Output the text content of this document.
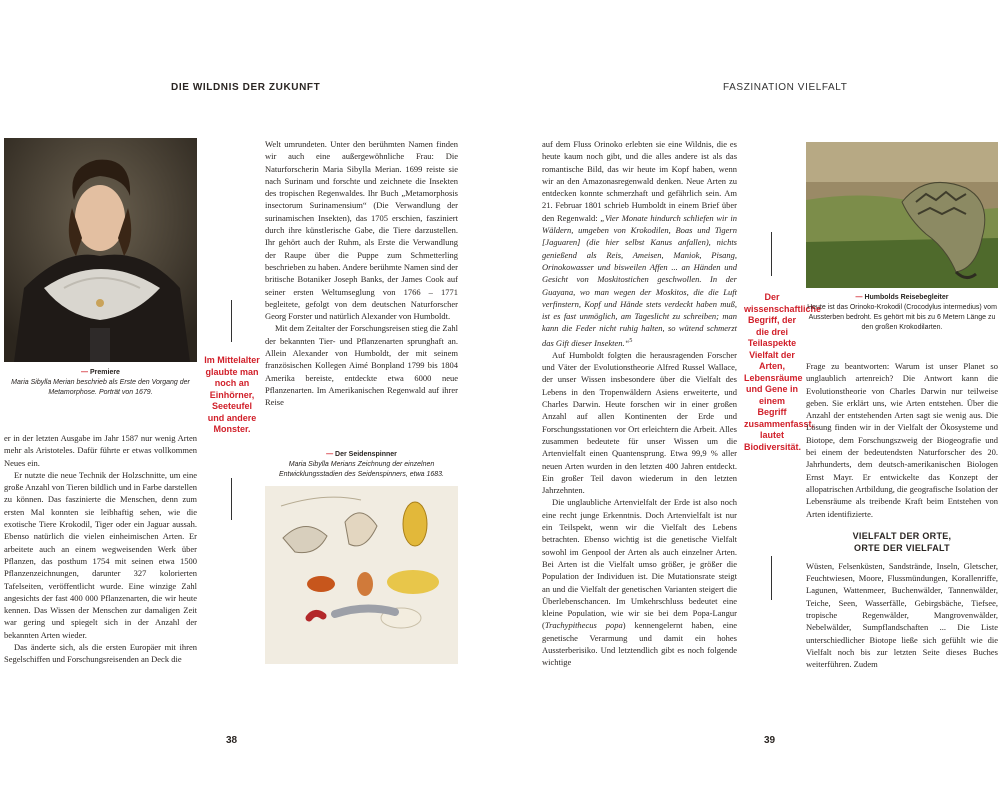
DIE WILDNIS DER ZUKUNFT	FASZINATION VIELFALT
— Premiere
Maria Sibylla Merian beschrieb als Erste den Vorgang der Metamorphose. Porträt von 1679.

er in der letzten Ausgabe im Jahr 1587 nur wenig Arten mehr als Aristoteles. Dafür führte er etwas vollkommen Neues ein.

Er nutzte die neue Technik der Holzschnitte, um eine große Anzahl von Tieren bildlich und in Farbe darstellen zu können. Das faszinierte die Menschen, denn zum ersten Mal konnten sie leibhaftig sehen, wie die exotische Tiere Krokodil, Tiger oder ein Jaguar aussah. Ebenso natürlich die vielen einheimischen Arten. Er arbeitete auch an einem wegweisenden Werk über Pflanzen, das posthum 1754 mit seinen etwa 1500 Pflanzenzeichnungen, darunter 327 kolorierten Tafelseiten, veröffentlicht wurde. Eine winzige Zahl angesichts der fast 400 000 Pflanzenarten, die wir heute kennen. Das Wissen der Menschen zur damaligen Zeit war gering und spiegelt sich in der Anzahl der bekannten Arten wieder.

Das änderte sich, als die ersten Europäer mit ihren Segelschiffen und Forschungsreisenden an Deck die

Im Mittelalter glaubte man noch an Einhörner, Seeteufel und andere Monster.

Welt umrundeten. Unter den berühmten Namen finden wir auch eine außergewöhnliche Frau: Die Naturforscherin Maria Sibylla Merian. 1699 reiste sie nach Surinam und forschte und zeichnete die Insekten des tropischen Regenwaldes. Ihr Buch „Metamorphosis insectorum Surinamensium“ (Die Verwandlung der surinamischen Insekten), das 1705 erschien, fasziniert durch ihre künstlerische Gabe, die Tiere darzustellen. Ihr gehört auch der Ruhm, als Erste die Verwandlung der Raupe über die Puppe zum Schmetterling beschrieben zu haben. Andere berühmte Namen sind der britische Botaniker Joseph Banks, der James Cook auf seiner ersten Weltumseglung von 1766 – 1771 begleitete, gefolgt von dem deutschen Naturforscher Georg Forster und natürlich Alexander von Humboldt.

Mit dem Zeitalter der Forschungsreisen stieg die Zahl der bekannten Tier- und Pflanzenarten sprunghaft an. Allein Alexander von Humboldt, der mit seinem französischen Kollegen Aimé Bonpland 1799 bis 1804 Amerika bereiste, entdeckte etwa 6000 neue Pflanzenarten. Im Amerikanischen Regenwald auf ihrer Reise

— Der Seidenspinner
Maria Sibylla Merians Zeichnung der einzelnen Entwicklungsstadien des Seidenspinners, etwa 1683.

auf dem Fluss Orinoko erlebten sie eine Wildnis, die es heute kaum noch gibt, und die alles andere ist als das romantische Bild, das wir heute im Kopf haben, wenn wir an den Amazonasregenwald denken. Neue Arten zu entdecken konnte schmerzhaft und gefährlich sein. Am 21. Februar 1801 schrieb Humboldt in einem Brief über den Regenwald: „Vier Monate hindurch schliefen wir in Wäldern, umgeben von Krokodilen, Boas und Tigern [Jaguaren] (die hier selbst Kanus anfallen), nichts genießend als Reis, Ameisen, Maniok, Pisang, Orinokowasser und bisweilen Affen ... an Händen und Gesicht von Moskitostichen geschwollen. In der Guayana, wo man wegen der Moskitos, die die Luft verfinstern, Kopf und Hände stets verdeckt haben muß, ist es fast unmöglich, am Tageslicht zu schreiben; man kann die Feder nicht ruhig halten, so wütend schmerzt das Gift dieser Insekten.“$^5$

Auf Humboldt folgten die herausragenden Forscher und Väter der Evolutionstheorie Alfred Russel Wallace, der unser Wissen insbesondere über die Vielfalt des Lebens in den Tropenwäldern Asiens erweiterte, und Charles Darwin. Heute forschen wir in einer großen Anzahl auf allen Kontinenten der Erde und Forschungsstationen vor Ort erleichtern die Arbeit. Alles zusammen bedeutete für unser Wissen um die Artenvielfalt einen Quantensprung. Etwa 99,9 % aller neuen Arten wurden in den letzten 400 Jahren entdeckt. Ein großer Teil davon wiederum in den letzten Jahrzehnten.

Die unglaubliche Artenvielfalt der Erde ist also noch eine recht junge Erkenntnis. Doch Artenvielfalt ist nur ein Teilspekt, wenn wir die Vielfalt des Lebens betrachten. Ebenso wichtig ist die genetische Vielfalt sowohl im Genpool der Arten als auch einzelner Arten. Bei Arten ist die Vielfalt umso größer, je größer die Population der Individuen ist. Die Mutationsrate steigt an und die Vielfalt der genetischen Varianten steigert die Überlebenschancen. Im Umkehrschluss bedeutet eine kleine Population, wie wir sie bei dem Popa-Langur (Trachypithecus popa) kennengelernt haben, eine genetische Verarmung und damit ein hohes Aussterberisiko. Und letztendlich gibt es noch folgende wichtige

Der wissenschaftliche Begriff, der die drei Teilaspekte Vielfalt der Arten, Lebensräume und Gene in einem Begriff zusammenfasst, lautet Biodiversität.
— Humbolds Reisebegleiter
Heute ist das Orinoko-Krokodil (Crocodylus intermedius) vom Aussterben bedroht. Es gehört mit bis zu 6 Metern Länge zu den großen Krokodilarten.

Frage zu beantworten: Warum ist unser Planet so unglaublich artenreich? Die Antwort kann die Evolutionstheorie von Charles Darwin nur teilweise geben. Sie erklärt uns, wie Arten entstehen. Über die Anzahl der entstehenden Arten sagt sie wenig aus. Die Lösung finden wir in der Vielfalt der Ökosysteme und Biotope, dem Forschungszweig der Biogeografie und bei einem der bedeutendsten Naturforscher des 20. Jahrhunderts, dem deutsch-amerikanischen Biologen Ernst Mayr. Er entwickelte das Konzept der allopatrischen Artbildung, die geografische Isolation der Lebensräume als treibende Kraft beim Entstehen von Arten identifizierte.

VIELFALT DER ORTE,
ORTE DER VIELFALT

Wüsten, Felsenküsten, Sandstrände, Inseln, Gletscher, Feuchtwiesen, Moore, Flussmündungen, Korallenriffe, Lagunen, Wattenmeer, Buchenwälder, Tannenwälder, Teiche, Seen, Wasserfälle, Gebirgsbäche, Tiefsee, tropische Regenwälder, Mangrovenwälder, Nebelwälder, Sumpflandschaften ... Die Liste unterschiedlicher Biotope ließe sich gefühlt wie die Vielfalt noch bis zur letzten Seite dieses Buches weiterführen. Zudem

38	39
